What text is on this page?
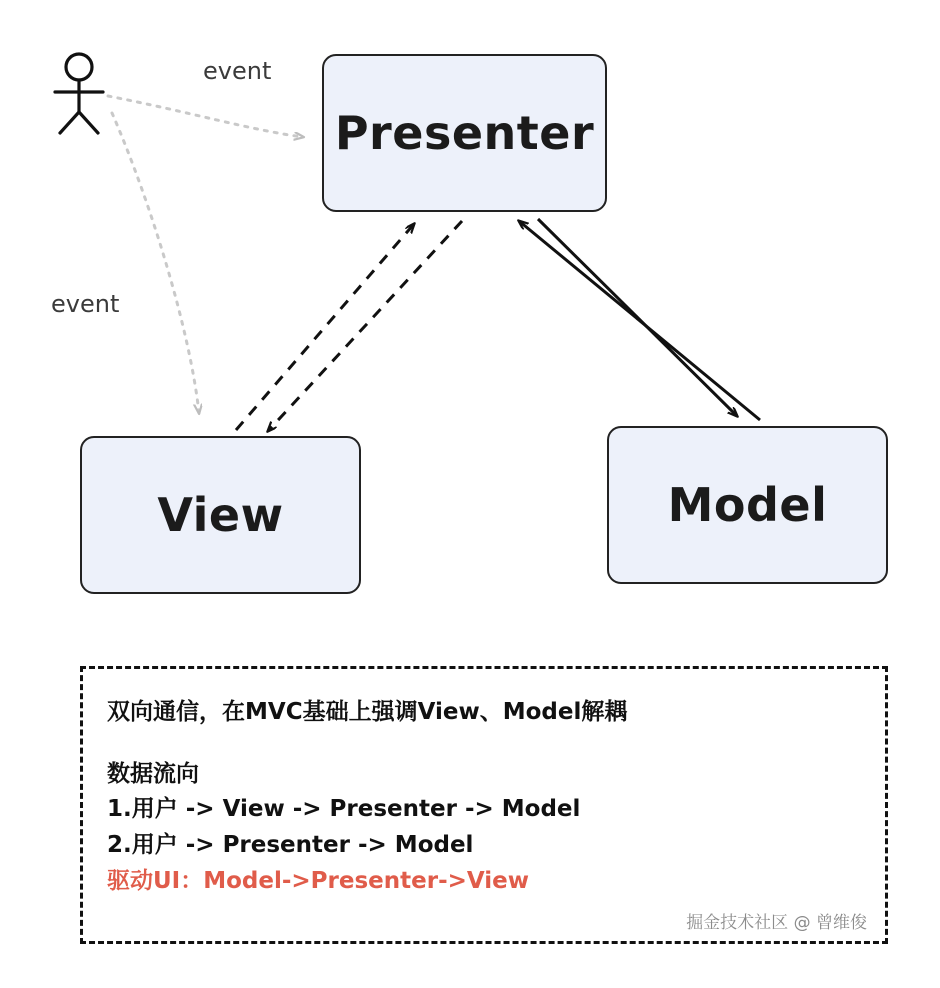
Presenter
View	Model
event
event
双向通信，在MVC基础上强调View、Model解耦
数据流向
1.用户 -> View -> Presenter -> Model
2.用户 -> Presenter -> Model
驱动UI：Model->Presenter->View
掘金技术社区 @ 曾维俊
